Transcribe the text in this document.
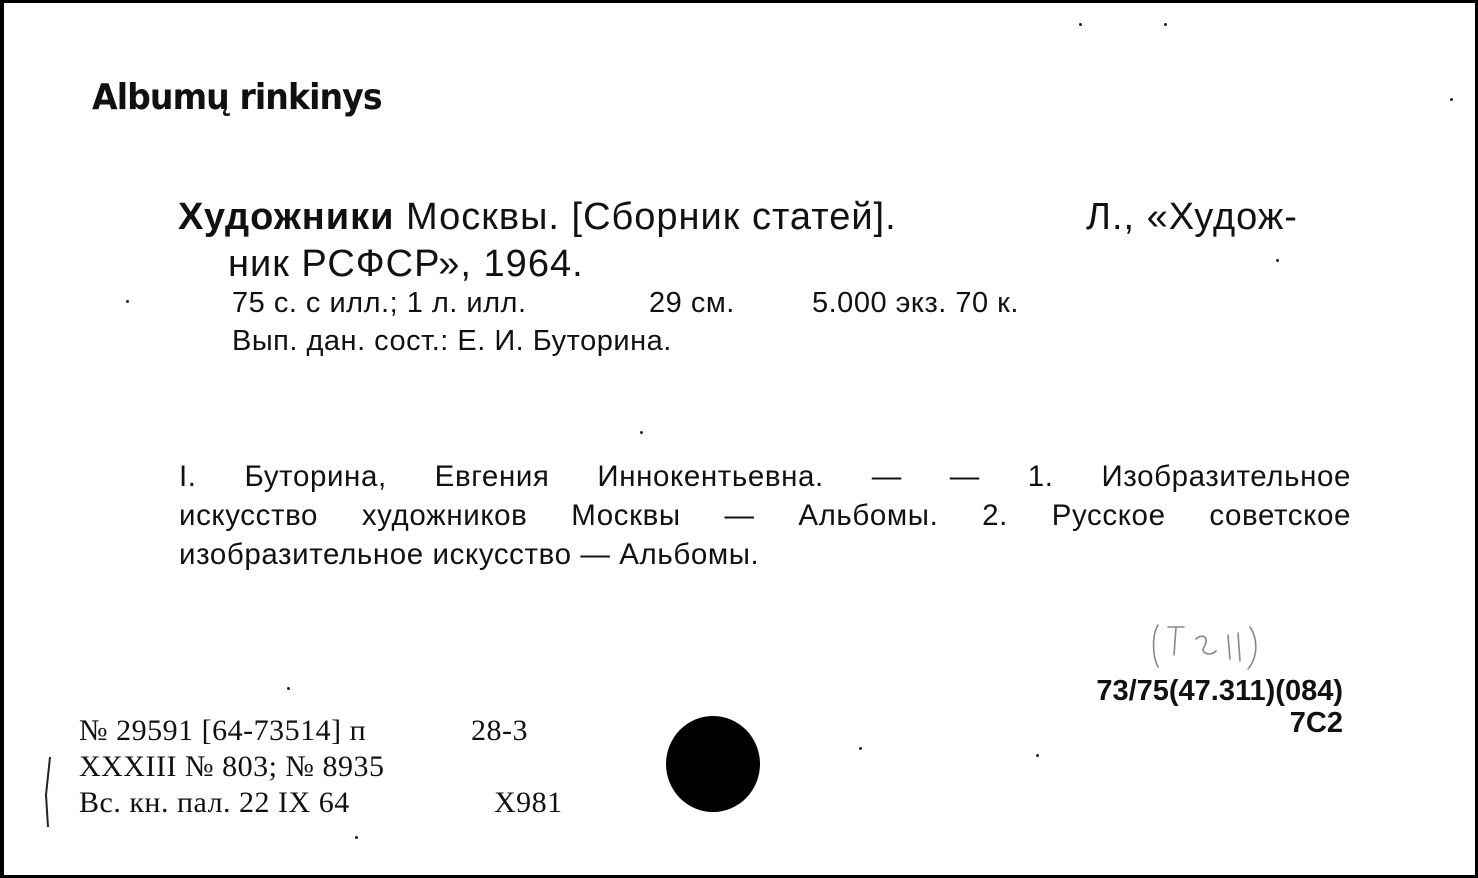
Albumų rinkinys
Художники Москвы. [Сборник статей].	Л., «Худож-
ник РСФСР», 1964.
75 с. с илл.; 1 л. илл.	29 см.	5.000 экз. 70 к.
Вып. дан. сост.: Е. И. Буторина.
I. Буторина, Евгения Иннокентьевна. — — 1. Изобразительное
искусство художников Москвы — Альбомы. 2. Русское советское
изобразительное искусство — Альбомы.
73/75(47.311)(084)
7С2
№ 29591 [64-73514] п	28-3
XXXIII № 803; № 8935
Вс. кн. пал. 22 IX 64	X981
